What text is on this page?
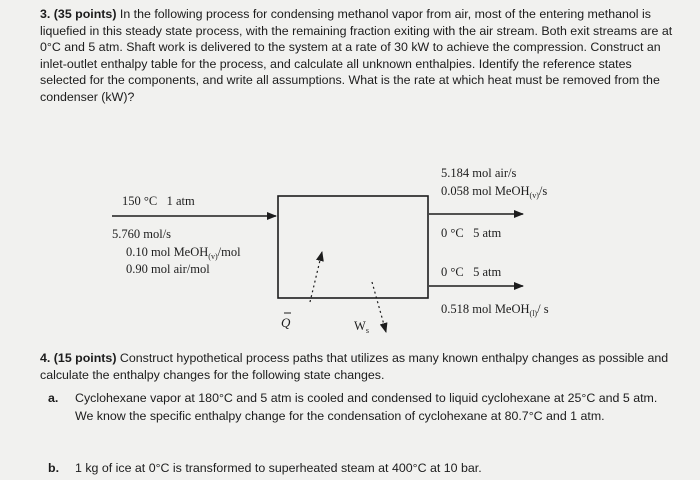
3. (35 points) In the following process for condensing methanol vapor from air, most of the entering methanol is liquefied in this steady state process, with the remaining fraction exiting with the air stream. Both exit streams are at 0°C and 5 atm. Shaft work is delivered to the system at a rate of 30 kW to achieve the compression. Construct an inlet-outlet enthalpy table for the process, and calculate all unknown enthalpies. Identify the reference states selected for the components, and write all assumptions. What is the rate at which heat must be removed from the condenser (kW)?

150 °C   1 atm
5.760 mol/s
0.10 mol MeOH$_{(v)}$/mol
0.90 mol air/mol
5.184 mol air/s
0.058 mol MeOH$_{(v)}$/s
0 °C   5 atm
0 °C   5 atm
0.518 mol MeOH$_{(l)}$/ s
Q	$W_s$

4. (15 points) Construct hypothetical process paths that utilizes as many known enthalpy changes as possible and calculate the enthalpy changes for the following state changes.

a.	Cyclohexane vapor at 180°C and 5 atm is cooled and condensed to liquid cyclohexane at 25°C and 5 atm. We know the specific enthalpy change for the condensation of cyclohexane at 80.7°C and 1 atm.
b.	1 kg of ice at 0°C is transformed to superheated steam at 400°C at 10 bar.
